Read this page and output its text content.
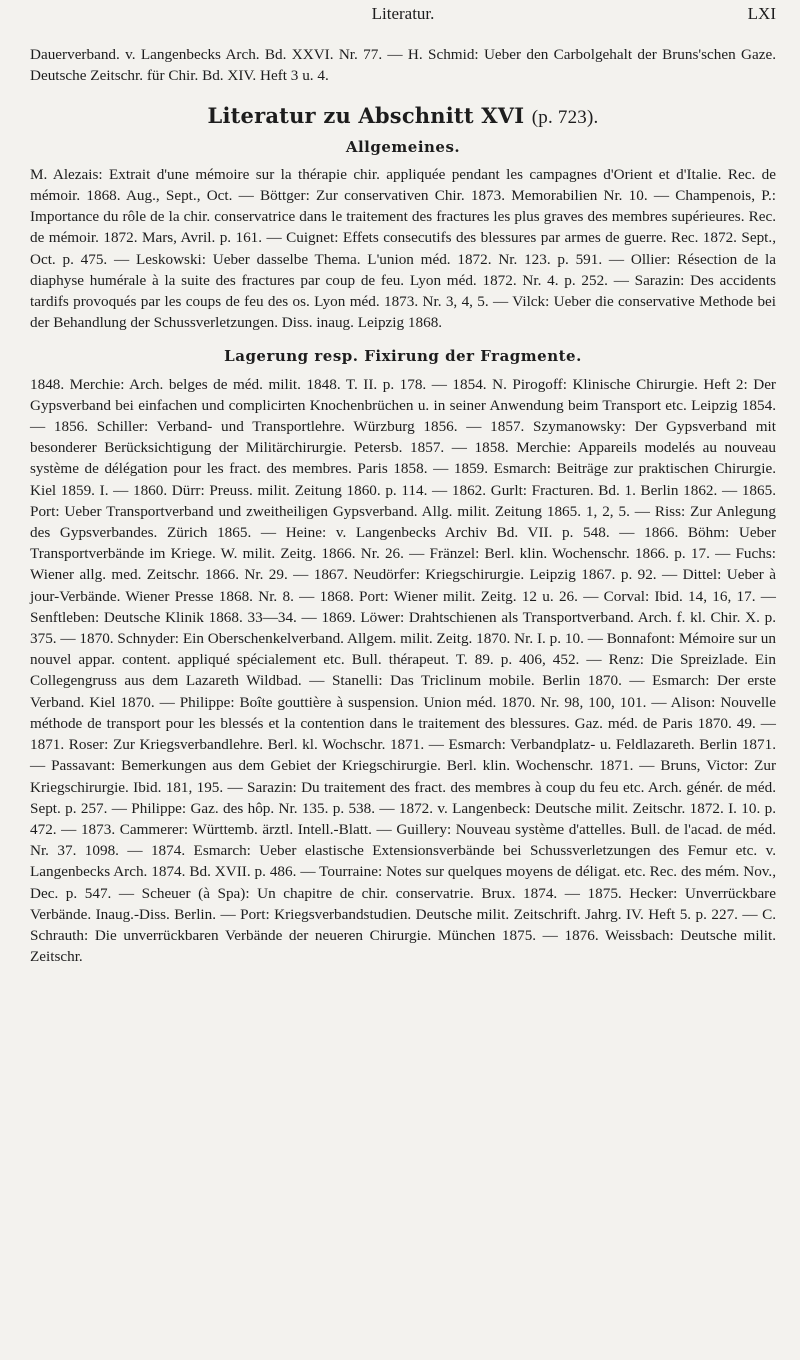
Literatur.	LXI

Dauerverband. v. Langenbecks Arch. Bd. XXVI. Nr. 77. — H. Schmid: Ueber den Carbolgehalt der Bruns'schen Gaze. Deutsche Zeitschr. für Chir. Bd. XIV. Heft 3 u. 4.

Literatur zu Abschnitt XVI (p. 723).
Allgemeines.

M. Alezais: Extrait d'une mémoire sur la thérapie chir. appliquée pendant les campagnes d'Orient et d'Italie. Rec. de mémoir. 1868. Aug., Sept., Oct. — Böttger: Zur conservativen Chir. 1873. Memorabilien Nr. 10. — Champenois, P.: Importance du rôle de la chir. conservatrice dans le traitement des fractures les plus graves des membres supérieures. Rec. de mémoir. 1872. Mars, Avril. p. 161. — Cuignet: Effets consecutifs des blessures par armes de guerre. Rec. 1872. Sept., Oct. p. 475. — Leskowski: Ueber dasselbe Thema. L'union méd. 1872. Nr. 123. p. 591. — Ollier: Résection de la diaphyse humérale à la suite des fractures par coup de feu. Lyon méd. 1872. Nr. 4. p. 252. — Sarazin: Des accidents tardifs provoqués par les coups de feu des os. Lyon méd. 1873. Nr. 3, 4, 5. — Vilck: Ueber die conservative Methode bei der Behandlung der Schussverletzungen. Diss. inaug. Leipzig 1868.

Lagerung resp. Fixirung der Fragmente.

1848. Merchie: Arch. belges de méd. milit. 1848. T. II. p. 178. — 1854. N. Pirogoff: Klinische Chirurgie. Heft 2: Der Gypsverband bei einfachen und complicirten Knochenbrüchen u. in seiner Anwendung beim Transport etc. Leipzig 1854. — 1856. Schiller: Verband- und Transportlehre. Würzburg 1856. — 1857. Szymanowsky: Der Gypsverband mit besonderer Berücksichtigung der Militärchirurgie. Petersb. 1857. — 1858. Merchie: Appareils modelés au nouveau système de délégation pour les fract. des membres. Paris 1858. — 1859. Esmarch: Beiträge zur praktischen Chirurgie. Kiel 1859. I. — 1860. Dürr: Preuss. milit. Zeitung 1860. p. 114. — 1862. Gurlt: Fracturen. Bd. 1. Berlin 1862. — 1865. Port: Ueber Transportverband und zweitheiligen Gypsverband. Allg. milit. Zeitung 1865. 1, 2, 5. — Riss: Zur Anlegung des Gypsverbandes. Zürich 1865. — Heine: v. Langenbecks Archiv Bd. VII. p. 548. — 1866. Böhm: Ueber Transportverbände im Kriege. W. milit. Zeitg. 1866. Nr. 26. — Fränzel: Berl. klin. Wochenschr. 1866. p. 17. — Fuchs: Wiener allg. med. Zeitschr. 1866. Nr. 29. — 1867. Neudörfer: Kriegschirurgie. Leipzig 1867. p. 92. — Dittel: Ueber à jour-Verbände. Wiener Presse 1868. Nr. 8. — 1868. Port: Wiener milit. Zeitg. 12 u. 26. — Corval: Ibid. 14, 16, 17. — Senftleben: Deutsche Klinik 1868. 33—34. — 1869. Löwer: Drahtschienen als Transportverband. Arch. f. kl. Chir. X. p. 375. — 1870. Schnyder: Ein Oberschenkelverband. Allgem. milit. Zeitg. 1870. Nr. I. p. 10. — Bonnafont: Mémoire sur un nouvel appar. content. appliqué spécialement etc. Bull. thérapeut. T. 89. p. 406, 452. — Renz: Die Spreizlade. Ein Collegengruss aus dem Lazareth Wildbad. — Stanelli: Das Triclinum mobile. Berlin 1870. — Esmarch: Der erste Verband. Kiel 1870. — Philippe: Boîte gouttière à suspension. Union méd. 1870. Nr. 98, 100, 101. — Alison: Nouvelle méthode de transport pour les blessés et la contention dans le traitement des blessures. Gaz. méd. de Paris 1870. 49. — 1871. Roser: Zur Kriegsverbandlehre. Berl. kl. Wochschr. 1871. — Esmarch: Verbandplatz- u. Feldlazareth. Berlin 1871. — Passavant: Bemerkungen aus dem Gebiet der Kriegschirurgie. Berl. klin. Wochenschr. 1871. — Bruns, Victor: Zur Kriegschirurgie. Ibid. 181, 195. — Sarazin: Du traitement des fract. des membres à coup du feu etc. Arch. génér. de méd. Sept. p. 257. — Philippe: Gaz. des hôp. Nr. 135. p. 538. — 1872. v. Langenbeck: Deutsche milit. Zeitschr. 1872. I. 10. p. 472. — 1873. Cammerer: Württemb. ärztl. Intell.-Blatt. — Guillery: Nouveau système d'attelles. Bull. de l'acad. de méd. Nr. 37. 1098. — 1874. Esmarch: Ueber elastische Extensionsverbände bei Schussverletzungen des Femur etc. v. Langenbecks Arch. 1874. Bd. XVII. p. 486. — Tourraine: Notes sur quelques moyens de déligat. etc. Rec. des mém. Nov., Dec. p. 547. — Scheuer (à Spa): Un chapitre de chir. conservatrie. Brux. 1874. — 1875. Hecker: Unverrückbare Verbände. Inaug.-Diss. Berlin. — Port: Kriegsverbandstudien. Deutsche milit. Zeitschrift. Jahrg. IV. Heft 5. p. 227. — C. Schrauth: Die unverrückbaren Verbände der neueren Chirurgie. München 1875. — 1876. Weissbach: Deutsche milit. Zeitschr.
